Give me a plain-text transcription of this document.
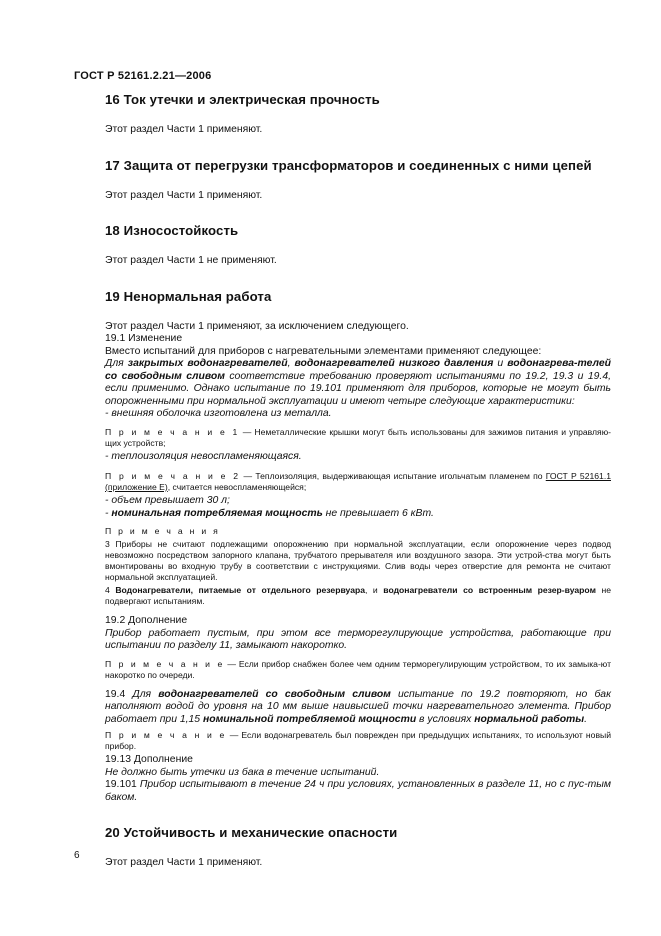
ГОСТ Р 52161.2.21—2006
16 Ток утечки и электрическая прочность

Этот раздел Части 1 применяют.

17 Защита от перегрузки трансформаторов и соединенных с ними цепей

Этот раздел Части 1 применяют.

18 Износостойкость

Этот раздел Части 1 не применяют.

19 Ненормальная работа

Этот раздел Части 1 применяют, за исключением следующего.

19.1 Изменение

Вместо испытаний для приборов с нагревательными элементами применяют следующее:

Для закрытых водонагревателей, водонагревателей низкого давления и водонагрева-телей со свободным сливом соответствие требованию проверяют испытаниями по 19.2, 19.3 и 19.4, если применимо. Однако испытание по 19.101 применяют для приборов, которые не могут быть опорожненными при нормальной эксплуатации и имеют четыре следующие характеристики:

- внешняя оболочка изготовлена из металла.

П р и м е ч а н и е 1 — Неметаллические крышки могут быть использованы для зажимов питания и управляю-щих устройств;

- теплоизоляция невоспламеняющаяся.

П р и м е ч а н и е 2 — Теплоизоляция, выдерживающая испытание игольчатым пламенем по ГОСТ Р 52161.1 (приложение Е), считается невоспламеняющейся;

- объем превышает 30 л;

- номинальная потребляемая мощность не превышает 6 кВт.

П р и м е ч а н и я

3 Приборы не считают подлежащими опорожнению при нормальной эксплуатации, если опорожнение через подвод невозможно посредством запорного клапана, трубчатого прерывателя или воздушного зазора. Эти устрой-ства могут быть вмонтированы во входную трубу в соответствии с инструкциями. Слив воды через отверстие для ремонта не считают нормальной эксплуатацией.

4 Водонагреватели, питаемые от отдельного резервуара, и водонагреватели со встроенным резер-вуаром не подвергают испытаниям.

19.2 Дополнение

Прибор работает пустым, при этом все терморегулирующие устройства, работающие при испытании по разделу 11, замыкают накоротко.

П р и м е ч а н и е — Если прибор снабжен более чем одним терморегулирующим устройством, то их замыка-ют накоротко по очереди.

19.4 Для водонагревателей со свободным сливом испытание по 19.2 повторяют, но бак наполняют водой до уровня на 10 мм выше наивысшей точки нагревательного элемента. Прибор работает при 1,15 номинальной потребляемой мощности в условиях нормальной работы.

П р и м е ч а н и е — Если водонагреватель был поврежден при предыдущих испытаниях, то используют новый прибор.

19.13 Дополнение

Не должно быть утечки из бака в течение испытаний.

19.101 Прибор испытывают в течение 24 ч при условиях, установленных в разделе 11, но с пус-тым баком.

20 Устойчивость и механические опасности

Этот раздел Части 1 применяют.

6
